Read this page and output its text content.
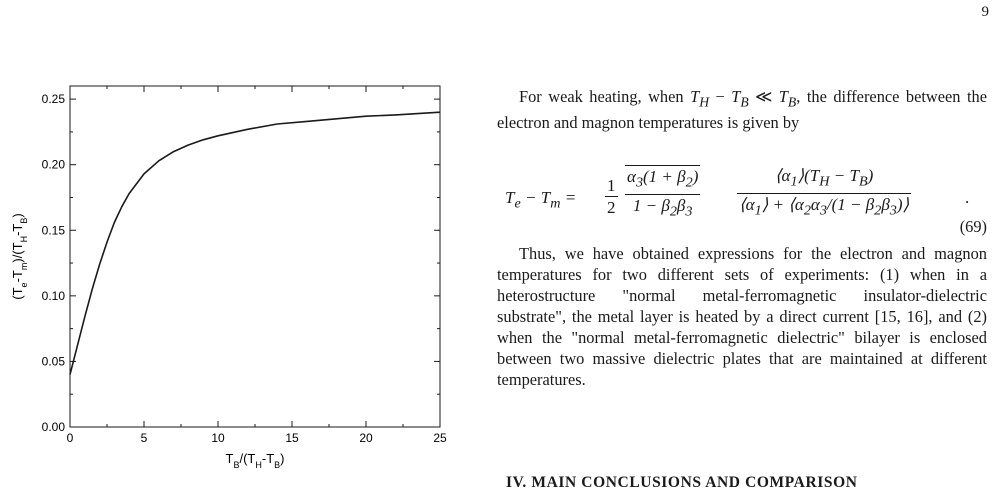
9
0	5	10	15	20	25
0.00
0.05
0.10
0.15
0.20
0.25
$T_B/(T_H-T_B)$
$(T_e-T_m)/(T_H-T_B)$

For weak heating, when $T_H - T_B$ ≪ $T_B$, the difference between the electron and magnon temperatures is given by

$T_e - T_m = \frac{1}{2} \frac{\alpha_3(1 + \beta_2)}{1 - \beta_2\beta_3} \frac{⟨\alpha_1⟩(T_H - T_B)}{⟨\alpha_1⟩ + ⟨\alpha_2\alpha_3/(1 - \beta_2\beta_3)⟩}$	.
(69)

Thus, we have obtained expressions for the electron and magnon temperatures for two different sets of experiments: (1) when in a heterostructure "normal metal-ferromagnetic insulator-dielectric substrate", the metal layer is heated by a direct current [15, 16], and (2) when the "normal metal-ferromagnetic dielectric" bilayer is enclosed between two massive dielectric plates that are maintained at different temperatures.

IV. MAIN CONCLUSIONS AND COMPARISON
